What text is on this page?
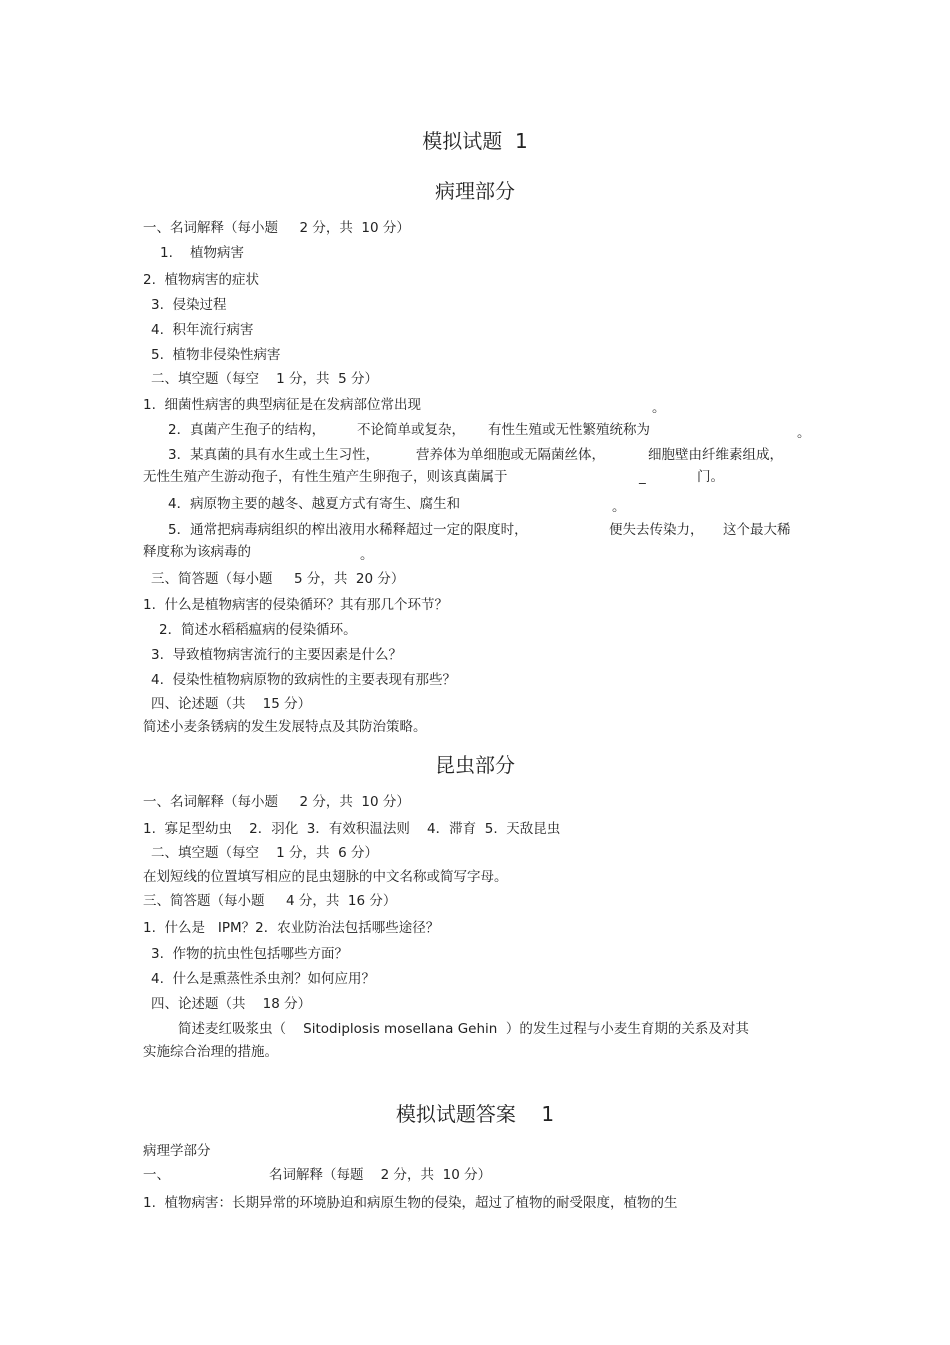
模拟试题  1
病理部分
一、名词解释（每小题     2 分，共  10 分）
1.    植物病害
2.  植物病害的症状
3.  侵染过程
4.  积年流行病害
5.  植物非侵染性病害
二、填空题（每空    1 分，共  5 分）
1.  细菌性病害的典型病征是在发病部位常出现	。
2．真菌产生孢子的结构， 不论简单或复杂， 有性生殖或无性繁殖统称为	。
3．某真菌的具有水生或土生习性，	营养体为单细胞或无隔菌丝体，	细胞壁由纤维素组成，
无性生殖产生游动孢子，有性生殖产生卵孢子，则该真菌属于	_	门。
4．病原物主要的越冬、越夏方式有寄生、腐生和	。
5．通常把病毒病组织的榨出液用水稀释超过一定的限度时，	便失去传染力， 这个最大稀
释度称为该病毒的	。
三、简答题（每小题     5 分，共  20 分）
1.  什么是植物病害的侵染循环？其有那几个环节？
2．简述水稻稻瘟病的侵染循环。
3.  导致植物病害流行的主要因素是什么？
4.  侵染性植物病原物的致病性的主要表现有那些？
四、论述题（共    15 分）
简述小麦条锈病的发生发展特点及其防治策略。
昆虫部分
一、名词解释（每小题     2 分，共  10 分）
1.  寡足型幼虫    2．羽化  3．有效积温法则    4．滞育  5.  天敌昆虫
二、填空题（每空    1 分，共  6 分）
在划短线的位置填写相应的昆虫翅脉的中文名称或简写字母。
三、简答题（每小题     4 分，共  16 分）
1.  什么是   IPM？2．农业防治法包括哪些途径？
3.  作物的抗虫性包括哪些方面？
4.  什么是熏蒸性杀虫剂？如何应用？
四、论述题（共    18 分）
简述麦红吸浆虫（    Sitodiplosis mosellana Gehin  ）的发生过程与小麦生育期的关系及对其
实施综合治理的措施。
模拟试题答案    1
病理学部分
一、	名词解释（每题    2 分，共  10 分）
1.  植物病害：长期异常的环境胁迫和病原生物的侵染，超过了植物的耐受限度，植物的生
